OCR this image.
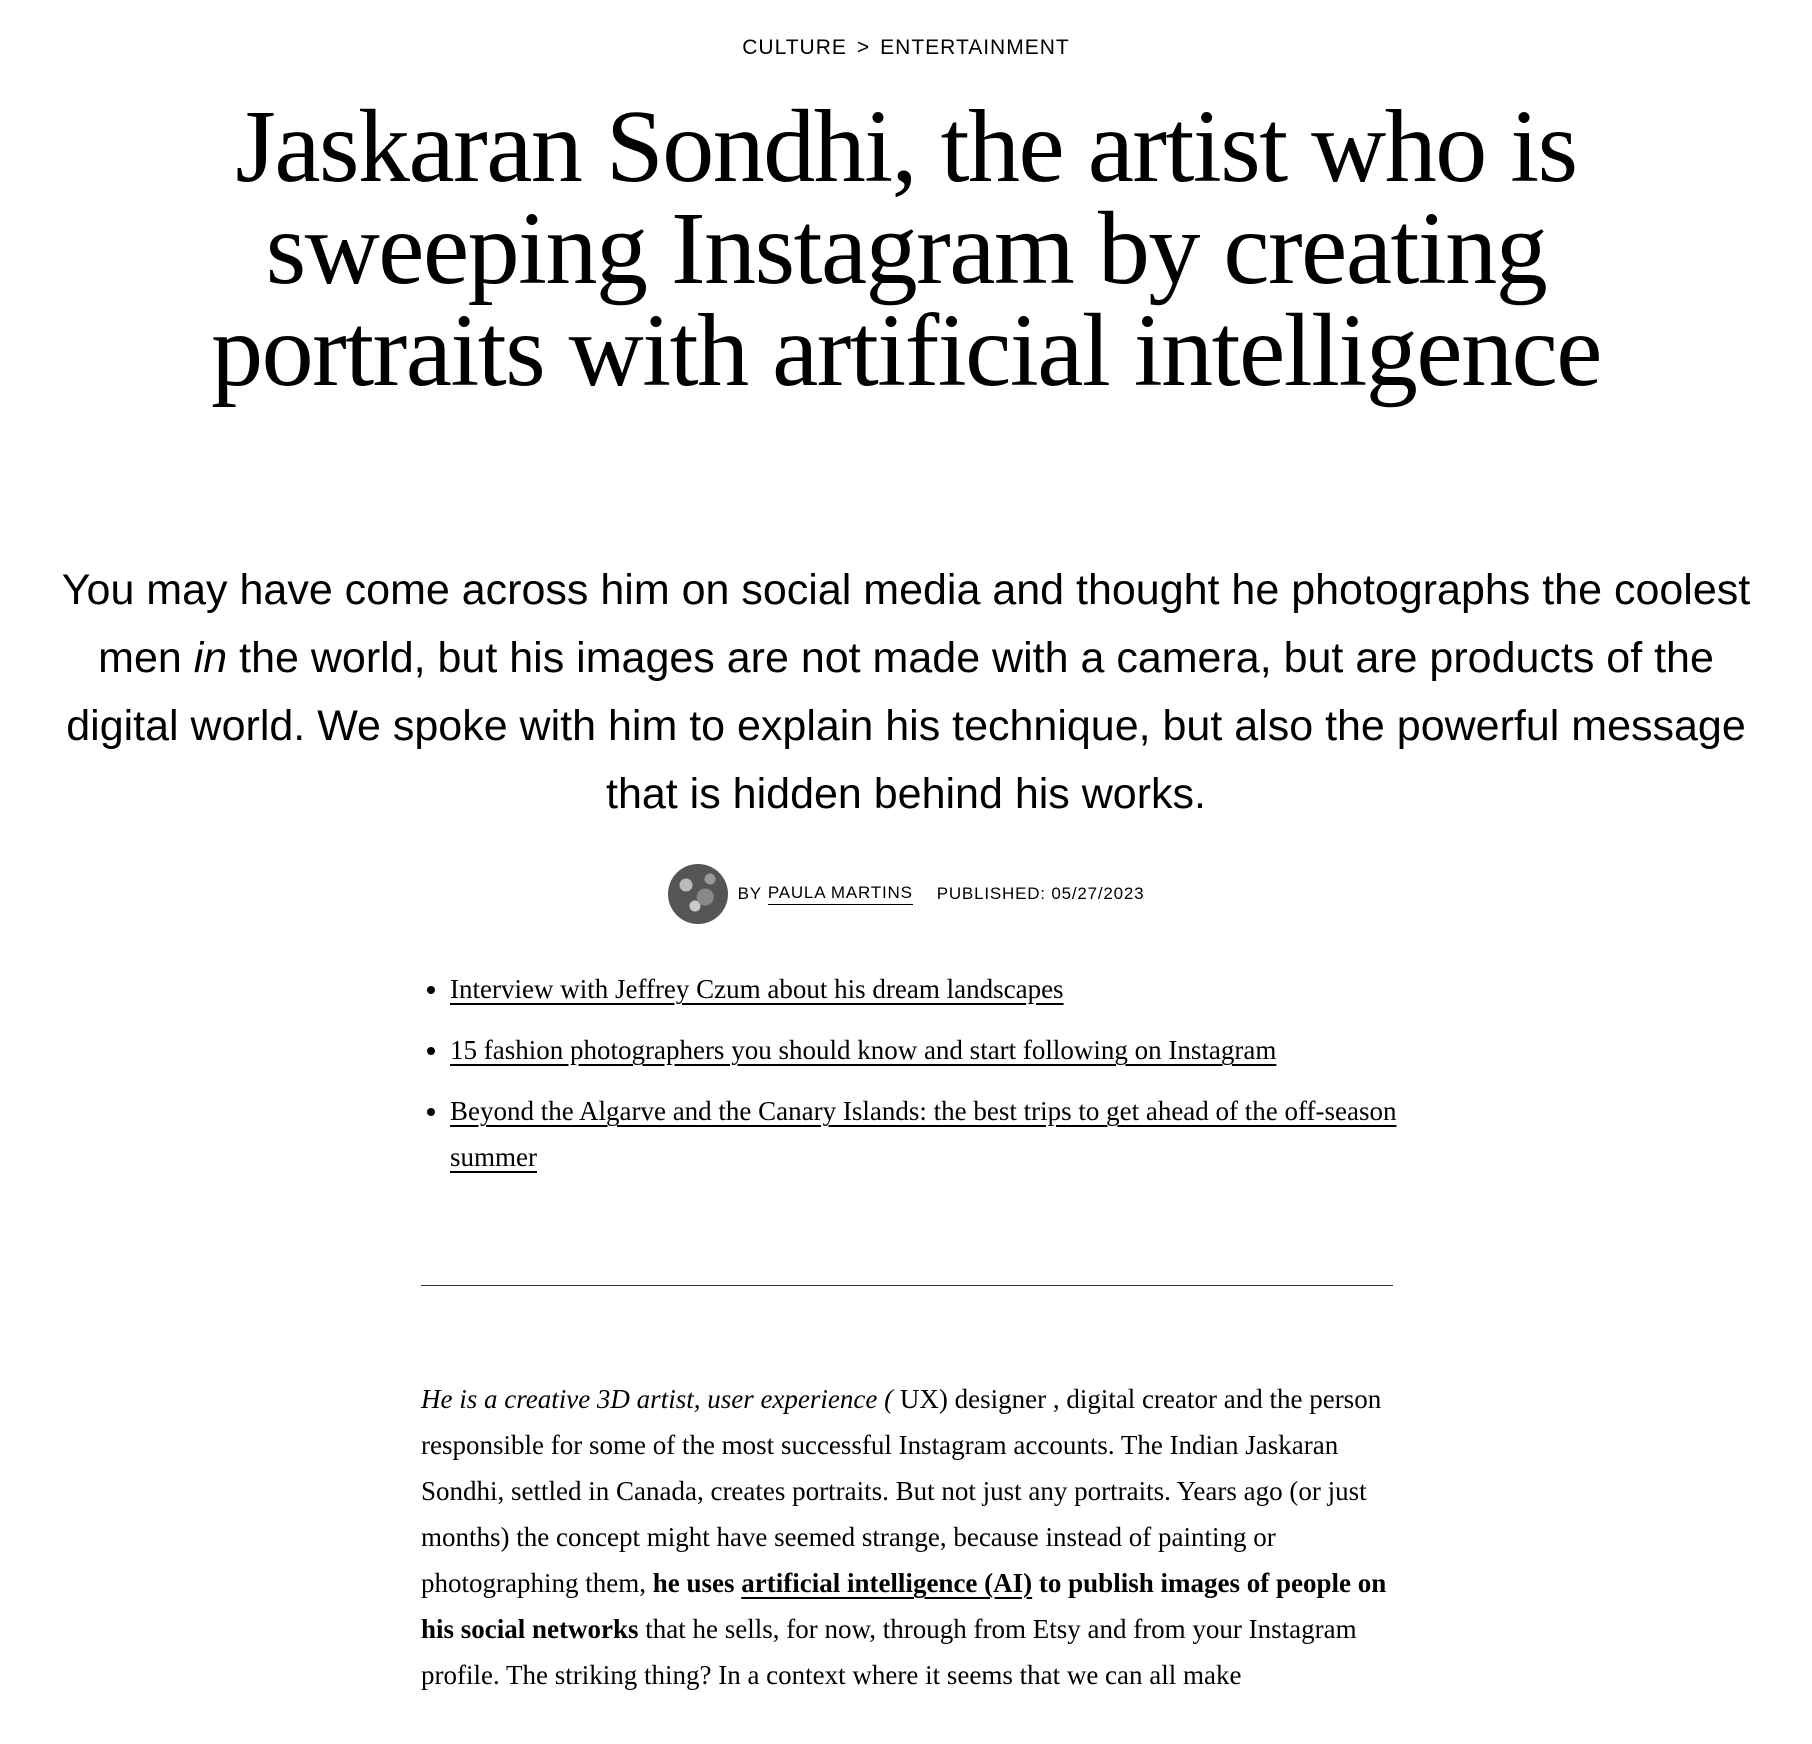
CULTURE > ENTERTAINMENT
Jaskaran Sondhi, the artist who is sweeping Instagram by creating portraits with artificial intelligence

You may have come across him on social media and thought he photographs the coolest men in the world, but his images are not made with a camera, but are products of the digital world. We spoke with him to explain his technique, but also the powerful message that is hidden behind his works.

BY PAULA MARTINS PUBLISHED: 05/27/2023
• Interview with Jeffrey Czum about his dream landscapes
• 15 fashion photographers you should know and start following on Instagram
• Beyond the Algarve and the Canary Islands: the best trips to get ahead of the off-season summer

He is a creative 3D artist, user experience ( UX) designer , digital creator and the person responsible for some of the most successful Instagram accounts. The Indian Jaskaran Sondhi, settled in Canada, creates portraits. But not just any portraits. Years ago (or just months) the concept might have seemed strange, because instead of painting or photographing them, he uses artificial intelligence (AI) to publish images of people on his social networks that he sells, for now, through from Etsy and from your Instagram profile. The striking thing? In a context where it seems that we can all make
